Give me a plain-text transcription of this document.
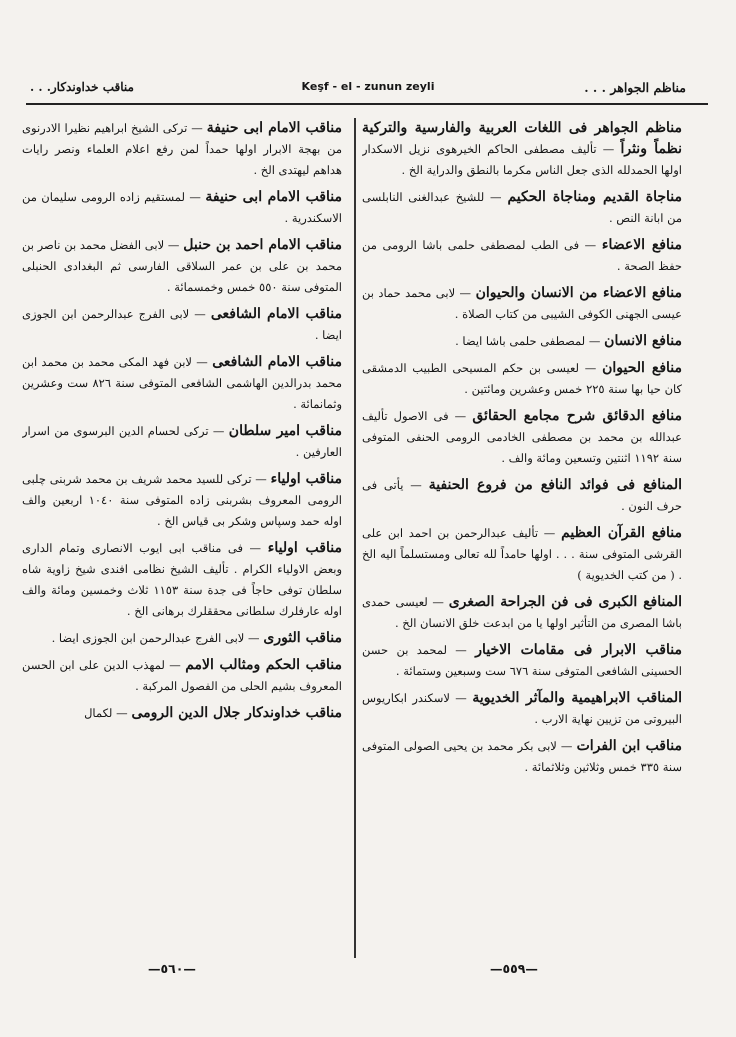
مناظم الجواهر . . .
Keşf - el - zunun zeyli
مناقب خداوندكار. . .
مناظم الجواهر فى اللغات العربية والفارسية والتركية نظماً ونثراً — تأليف مصطفى الحاكم الخيرهوى نزيل الاسكدار اولها الحمدلله الذى جعل الناس مكرما بالنطق والدراية الخ .
مناجاة القديم ومناجاة الحكيم — للشيخ عبدالغنى النابلسى من ابانة النص .
منافع الاعضاء — فى الطب لمصطفى حلمى باشا الرومى من حفظ الصحة .
منافع الاعضاء من الانسان والحيوان — لابى محمد حماد بن عيسى الجهنى الكوفى الشيبى من كتاب الصلاة .
منافع الانسان — لمصطفى حلمى باشا ايضا .
منافع الحيوان — لعيسى بن حكم المسيحى الطبيب الدمشقى كان حيا بها سنة ٢٢٥ خمس وعشرين ومائتين .
منافع الدقائق شرح مجامع الحقائق — فى الاصول تأليف عبدالله بن محمد بن مصطفى الخادمى الرومى الحنفى المتوفى سنة ١١٩٢ اثنتين وتسعين ومائة والف .
المنافع فى فوائد النافع من فروع الحنفية — يأتى فى حرف النون .
منافع القرآن العظيم — تأليف عبدالرحمن بن احمد ابن على القرشى المتوفى سنة . . . اولها حامداً لله تعالى ومستسلماً اليه الخ . ( من كتب الخديوية )
المنافع الكبرى فى فن الجراحة الصغرى — لعيسى حمدى باشا المصرى من التأثير اولها يا من ابدعت خلق الانسان الخ .
مناقب الابرار فى مقامات الاخيار — لمحمد بن حسن الحسينى الشافعى المتوفى سنة ٦٧٦ ست وسبعين وستمائة .
المناقب الابراهيمية والمآثر الخديوية — لاسكندر ابكاريوس البيروتى من تزيين نهاية الارب .
مناقب ابن الفرات — لابى بكر محمد بن يحيى الصولى المتوفى سنة ٣٣٥ خمس وثلاثين وثلاثمائة .
مناقب الامام ابى حنيفة — تركى الشيخ ابراهيم نظيرا الادرنوى من بهجة الابرار اولها حمداً لمن رفع اعلام العلماء ونصر رايات هداهم ليهتدى الخ .
مناقب الامام ابى حنيفة — لمستقيم زاده الرومى سليمان من الاسكندرية .
مناقب الامام احمد بن حنبل — لابى الفضل محمد بن ناصر بن محمد بن على بن عمر السلاقى الفارسى ثم البغدادى الحنبلى المتوفى سنة ٥٥٠ خمس وخمسمائة .
مناقب الامام الشافعى — لابى الفرج عبدالرحمن ابن الجوزى ايضا .
مناقب الامام الشافعى — لابن فهد المكى محمد بن محمد ابن محمد بدرالدين الهاشمى الشافعى المتوفى سنة ٨٢٦ ست وعشرين وثمانمائة .
مناقب امير سلطان — تركى لحسام الدين البرسوى من اسرار العارفين .
مناقب اولياء — تركى للسيد محمد شريف بن محمد شربنى چلبى الرومى المعروف بشربنى زاده المتوفى سنة ١٠٤٠ اربعين والف اوله حمد وسپاس وشكر بى قياس الخ .
مناقب اولياء — فى مناقب ابى ايوب الانصارى وتمام الدارى وبعض الاولياء الكرام . تأليف الشيخ نظامى افندى شيخ زاوية شاه سلطان توفى حاجاً فى جدة سنة ١١٥٣ ثلاث وخمسين ومائة والف اوله عارفلرك سلطانى محققلرك برهانى الخ .
مناقب الثورى — لابى الفرج عبدالرحمن ابن الجوزى ايضا .
مناقب الحكم ومثالب الامم — لمهذب الدين على ابن الحسن المعروف بشيم الحلى من الفصول المركبة .
مناقب خداوندكار جلال الدين الرومى — لكمال
—٥٥٩—
—٥٦٠—
